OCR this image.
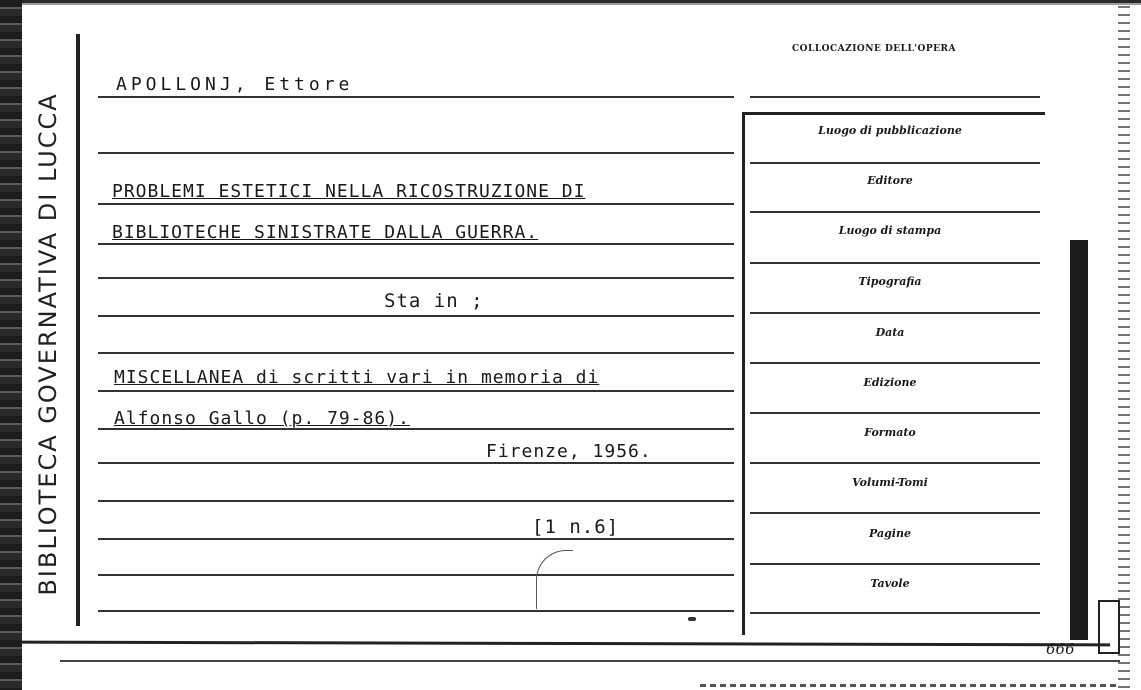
BIBLIOTECA GOVERNATIVA DI LUCCA
APOLLONJ, Ettore
PROBLEMI ESTETICI NELLA RICOSTRUZIONE DI
BIBLIOTECHE SINISTRATE DALLA GUERRA.
Sta in ;
MISCELLANEA di scritti vari in memoria di
Alfonso Gallo (p. 79-86).
Firenze, 1956.
[1 n.6]
COLLOCAZIONE DELL'OPERA
Luogo di pubblicazione
Editore
Luogo di stampa
Tipografia
Data
Edizione
Formato
Volumi-Tomi
Pagine
Tavole
666
